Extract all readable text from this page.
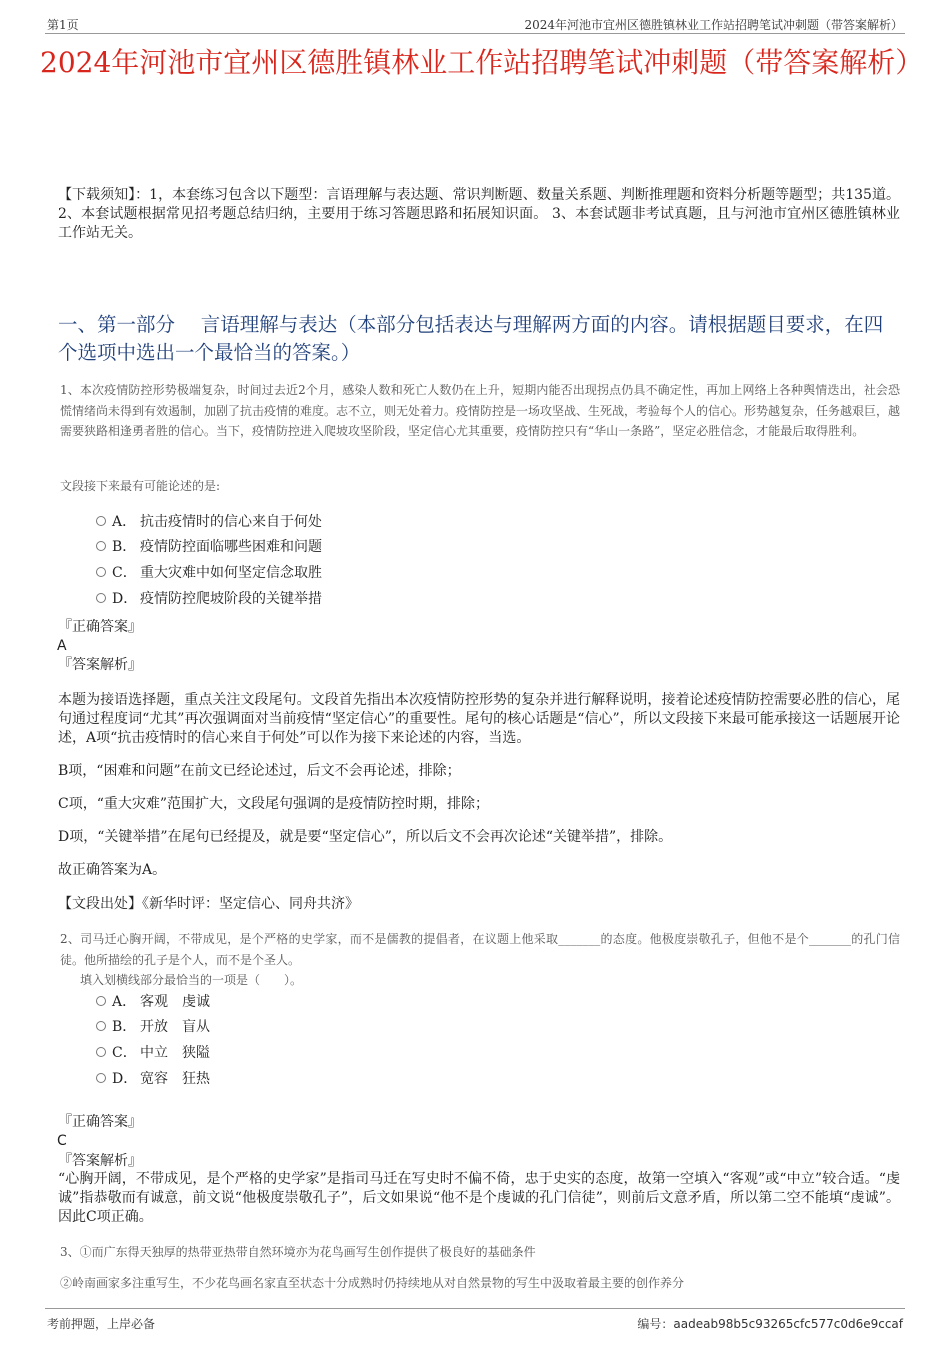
第1页	2024年河池市宜州区德胜镇林业工作站招聘笔试冲刺题（带答案解析）
2024年河池市宜州区德胜镇林业工作站招聘笔试冲刺题（带答案解析）
【下载须知】：1，本套练习包含以下题型：言语理解与表达题、常识判断题、数量关系题、判断推理题和资料分析题等题型；共135道。 2、本套试题根据常见招考题总结归纳，主要用于练习答题思路和拓展知识面。 3、本套试题非考试真题，且与河池市宜州区德胜镇林业工作站无关。
一、第一部分　 言语理解与表达（本部分包括表达与理解两方面的内容。请根据题目要求，在四个选项中选出一个最恰当的答案。）
1、本次疫情防控形势极端复杂，时间过去近2个月，感染人数和死亡人数仍在上升，短期内能否出现拐点仍具不确定性，再加上网络上各种舆情迭出，社会恐慌情绪尚未得到有效遏制，加剧了抗击疫情的难度。志不立，则无处着力。疫情防控是一场攻坚战、生死战，考验每个人的信心。形势越复杂，任务越艰巨，越需要狭路相逢勇者胜的信心。当下，疫情防控进入爬坡攻坚阶段，坚定信心尤其重要，疫情防控只有“华山一条路”，坚定必胜信念，才能最后取得胜利。
文段接下来最有可能论述的是:
A． 抗击疫情时的信心来自于何处
B． 疫情防控面临哪些困难和问题
C． 重大灾难中如何坚定信念取胜
D． 疫情防控爬坡阶段的关键举措
『正确答案』
A
『答案解析』
本题为接语选择题，重点关注文段尾句。文段首先指出本次疫情防控形势的复杂并进行解释说明，接着论述疫情防控需要必胜的信心，尾句通过程度词“尤其”再次强调面对当前疫情“坚定信心”的重要性。尾句的核心话题是“信心”，所以文段接下来最可能承接这一话题展开论述，A项“抗击疫情时的信心来自于何处”可以作为接下来论述的内容，当选。
B项，“困难和问题”在前文已经论述过，后文不会再论述，排除；
C项，“重大灾难”范围扩大，文段尾句强调的是疫情防控时期，排除；
D项，“关键举措”在尾句已经提及，就是要“坚定信心”，所以后文不会再次论述“关键举措”，排除。
故正确答案为A。
【文段出处】《新华时评：坚定信心、同舟共济》
2、司马迁心胸开阔，不带成见，是个严格的史学家，而不是儒教的提倡者，在议题上他采取_______的态度。他极度崇敬孔子，但他不是个_______的孔门信徒。他所描绘的孔子是个人，而不是个圣人。
填入划横线部分最恰当的一项是（　　）。
A． 客观　虔诚
B． 开放　盲从
C． 中立　狭隘
D． 宽容　狂热
『正确答案』
C
『答案解析』
“心胸开阔，不带成见，是个严格的史学家”是指司马迁在写史时不偏不倚，忠于史实的态度，故第一空填入“客观”或“中立”较合适。“虔诚”指恭敬而有诚意，前文说“他极度崇敬孔子”，后文如果说“他不是个虔诚的孔门信徒”，则前后文意矛盾，所以第二空不能填“虔诚”。因此C项正确。
3、①而广东得天独厚的热带亚热带自然环境亦为花鸟画写生创作提供了极良好的基础条件
②岭南画家多注重写生，不少花鸟画名家直至状态十分成熟时仍持续地从对自然景物的写生中汲取着最主要的创作养分
考前押题，上岸必备	编号：aadeab98b5c93265cfc577c0d6e9ccaf
